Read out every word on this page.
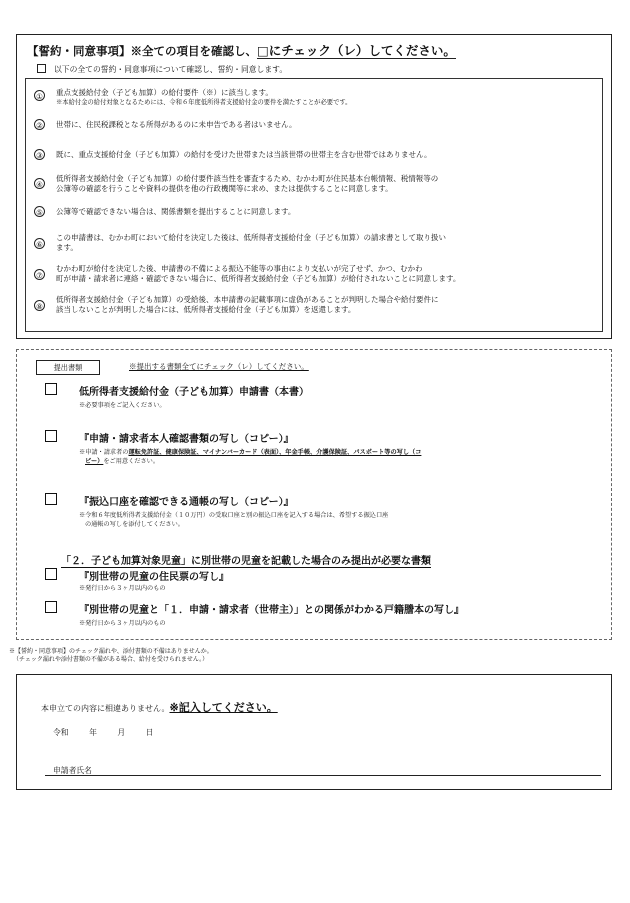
【誓約・同意事項】※全ての項目を確認し、□にチェック（レ）してください。
以下の全ての誓約・同意事項について確認し、誓約・同意します。
① 重点支援給付金（子ども加算）の給付要件（※）に該当します。
※本給付金の給付対象となるためには、令和６年度低所得者支援給付金の要件を満たすことが必要です。
② 世帯に、住民税課税となる所得があるのに未申告である者はいません。
③ 既に、重点支援給付金（子ども加算）の給付を受けた世帯または当該世帯の世帯主を含む世帯ではありません。
④
低所得者支援給付金（子ども加算）の給付要件該当性を審査するため、むかわ町が住民基本台帳情報、税情報等の
公簿等の確認を行うことや資料の提供を他の行政機関等に求め、または提供することに同意します。
⑤ 公簿等で確認できない場合は、関係書類を提出することに同意します。
⑥
この申請書は、むかわ町において給付を決定した後は、低所得者支援給付金（子ども加算）の請求書として取り扱い
ます。
⑦
むかわ町が給付を決定した後、申請書の不備による振込不能等の事由により支払いが完了せず、かつ、むかわ
町が申請・請求者に連絡・確認できない場合に、低所得者支援給付金（子ども加算）が給付されないことに同意します。
⑧
低所得者支援給付金（子ども加算）の受給後、本申請書の記載事項に虚偽があることが判明した場合や給付要件に
該当しないことが判明した場合には、低所得者支援給付金（子ども加算）を返還します。
提出書類	※提出する書類全てにチェック（レ）してください。
低所得者支援給付金（子ども加算）申請書（本書）
※必要事項をご記入ください。
『申請・請求者本人確認書類の写し（コピー）』
※申請・請求者の運転免許証、健康保険証、マイナンバーカード（表面）、年金手帳、介護保険証、パスポート等の写し（コ
ピー）をご用意ください。
『振込口座を確認できる通帳の写し（コピー）』
※令和６年度低所得者支援給付金（１０万円）の受取口座と別の振込口座を記入する場合は、希望する振込口座
の通帳の写しを添付してください。
「２．子ども加算対象児童」に別世帯の児童を記載した場合のみ提出が必要な書類
『別世帯の児童の住民票の写し』
※発行日から３ヶ月以内のもの
『別世帯の児童と「１．申請・請求者（世帯主）」との関係がわかる戸籍謄本の写し』
※発行日から３ヶ月以内のもの
※【誓約・同意事項】のチェック漏れや、添付書類の不備はありませんか。
（チェック漏れや添付書類の不備がある場合、給付を受けられません。）
本申立ての内容に相違ありません。※記入してください。
令和	年	月	日
申請者氏名
